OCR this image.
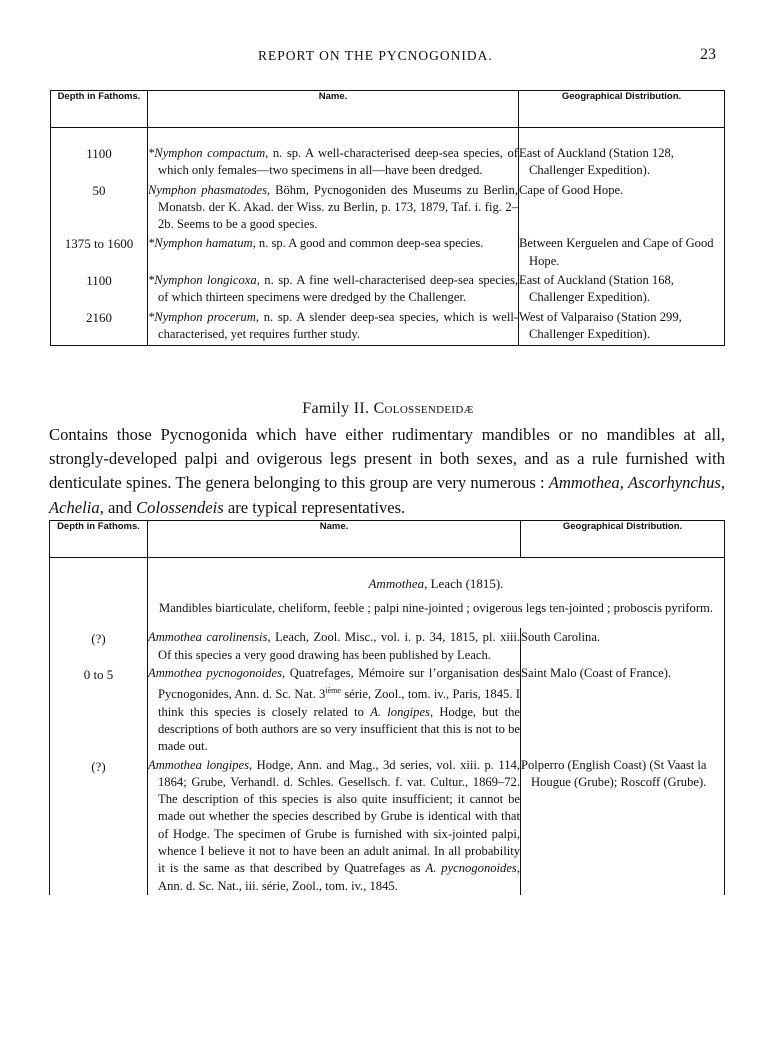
REPORT ON THE PYCNOGONIDA.	23
Depth in Fathoms.	Name.	Geographical Distribution.
1100	*Nymphon compactum, n. sp. A well-characterised deep-sea species, of which only females—two specimens in all—have been dredged.	East of Auckland (Station 128, Challenger Expedition).

50	Nymphon phasmatodes, Böhm, Pycnogoniden des Museums zu Berlin, Monatsb. der K. Akad. der Wiss. zu Berlin, p. 173, 1879, Taf. i. fig. 2–2b. Seems to be a good species.	Cape of Good Hope.

1375 to 1600	*Nymphon hamatum, n. sp. A good and common deep-sea species.	Between Kerguelen and Cape of Good Hope.

1100	*Nymphon longicoxa, n. sp. A fine well-characterised deep-sea species, of which thirteen specimens were dredged by the Challenger.	East of Auckland (Station 168, Challenger Expedition).

2160	*Nymphon procerum, n. sp. A slender deep-sea species, which is well-characterised, yet requires further study.	West of Valparaiso (Station 299, Challenger Expedition).
Family II. Colossendeidæ

Contains those Pycnogonida which have either rudimentary mandibles or no mandibles at all, strongly-developed palpi and ovigerous legs present in both sexes, and as a rule furnished with denticulate spines. The genera belonging to this group are very numerous : Ammothea, Ascorhynchus, Achelia, and Colossendeis are typical representatives.

Depth in Fathoms.	Name.	Geographical Distribution.

	Ammothea, Leach (1815).
Mandibles biarticulate, cheliform, feeble ; palpi nine-jointed ; ovigerous legs ten-jointed ; proboscis pyriform.	

(?)	Ammothea carolinensis, Leach, Zool. Misc., vol. i. p. 34, 1815, pl. xiii. Of this species a very good drawing has been published by Leach.	South Carolina.

0 to 5	Ammothea pycnogonoides, Quatrefages, Mémoire sur l’organisation des Pycnogonides, Ann. d. Sc. Nat. 3ième série, Zool., tom. iv., Paris, 1845. I think this species is closely related to A. longipes, Hodge, but the descriptions of both authors are so very insufficient that this is not to be made out.	Saint Malo (Coast of France).

(?)	Ammothea longipes, Hodge, Ann. and Mag., 3d series, vol. xiii. p. 114, 1864; Grube, Verhandl. d. Schles. Gesellsch. f. vat. Cultur., 1869–72. The description of this species is also quite insufficient; it cannot be made out whether the species described by Grube is identical with that of Hodge. The specimen of Grube is furnished with six-jointed palpi, whence I believe it not to have been an adult animal. In all probability it is the same as that described by Quatrefages as A. pycnogonoides, Ann. d. Sc. Nat., iii. série, Zool., tom. iv., 1845.	Polperro (English Coast) (St Vaast la Hougue (Grube); Roscoff (Grube).
